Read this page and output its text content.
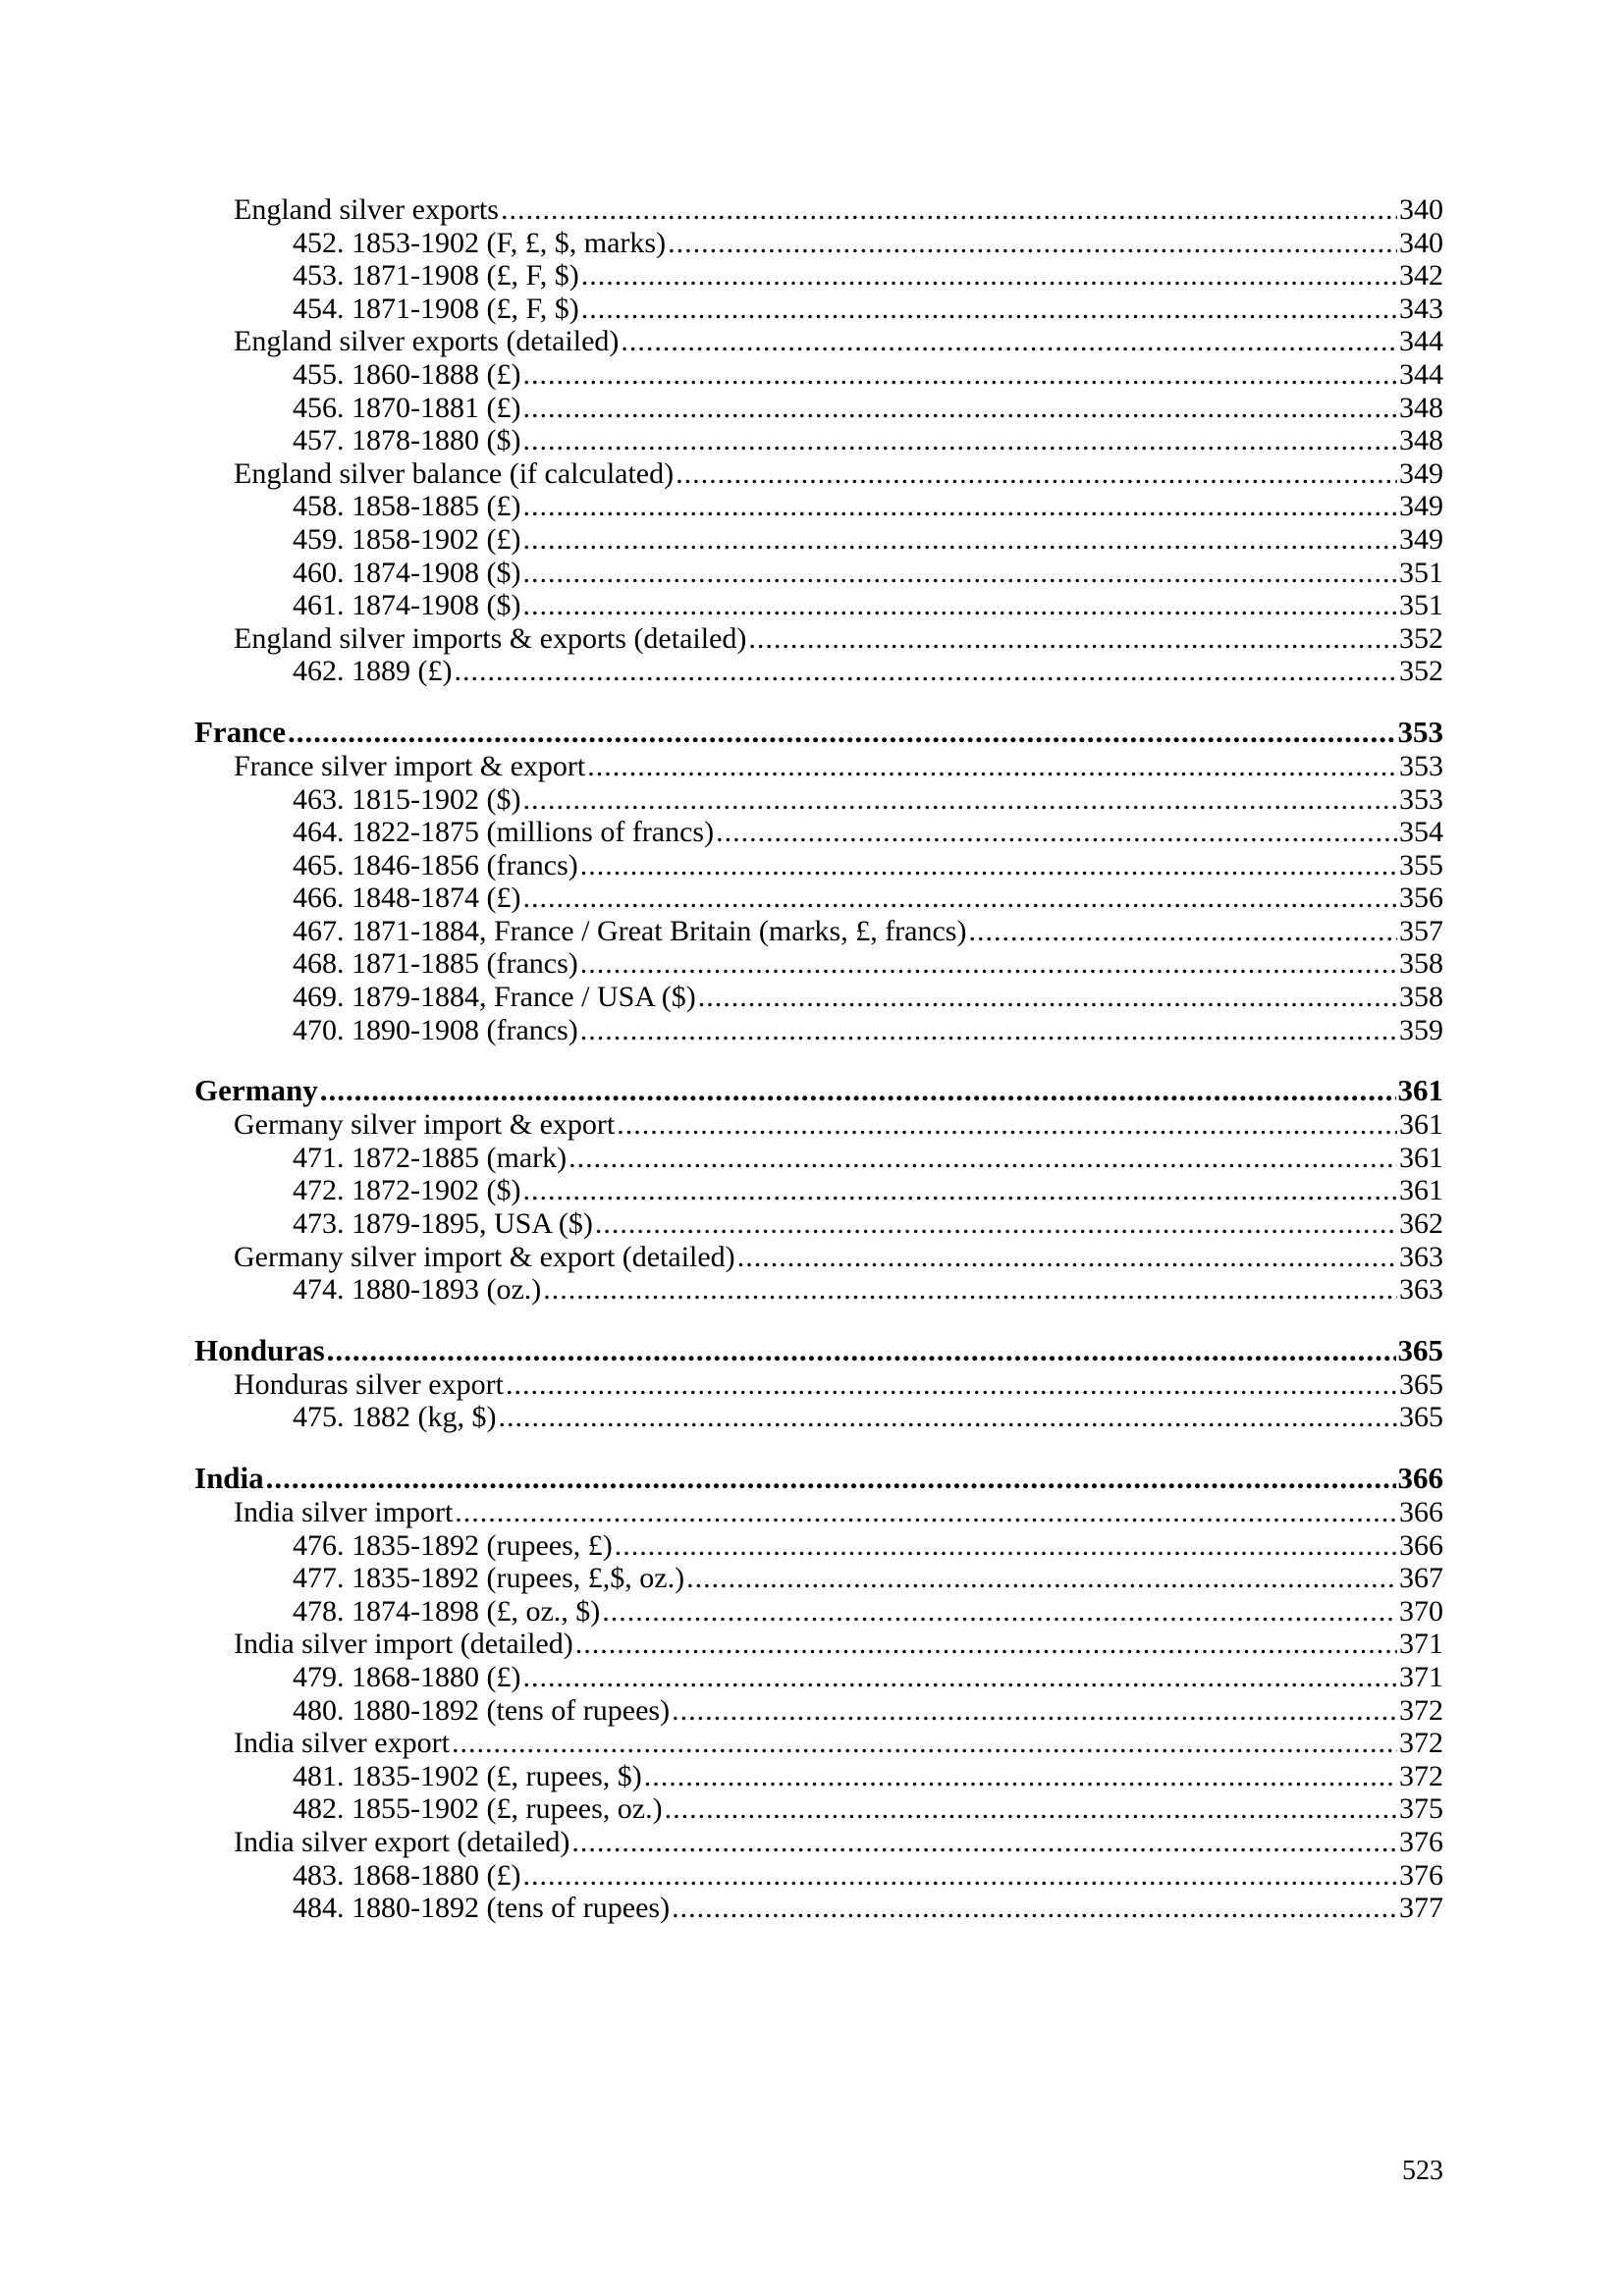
England silver exports .....	340
452. 1853-1902 (F, £, $, marks) .....	340
453. 1871-1908 (£, F, $) .....	342
454. 1871-1908 (£, F, $) .....	343
England silver exports (detailed) .....	344
455. 1860-1888 (£) .....	344
456. 1870-1881 (£) .....	348
457. 1878-1880 ($) .....	348
England silver balance (if calculated) .....	349
458. 1858-1885 (£) .....	349
459. 1858-1902 (£) .....	349
460. 1874-1908 ($) .....	351
461. 1874-1908 ($) .....	351
England silver imports & exports (detailed) .....	352
462. 1889 (£) .....	352
France .....	353
France silver import & export .....	353
463. 1815-1902 ($) .....	353
464. 1822-1875 (millions of francs) .....	354
465. 1846-1856 (francs) .....	355
466. 1848-1874 (£) .....	356
467. 1871-1884, France / Great Britain (marks, £, francs) .....	357
468. 1871-1885 (francs) .....	358
469. 1879-1884, France / USA ($) .....	358
470. 1890-1908 (francs) .....	359
Germany .....	361
Germany silver import & export .....	361
471. 1872-1885 (mark) .....	361
472. 1872-1902 ($) .....	361
473. 1879-1895, USA ($) .....	362
Germany silver import & export (detailed) .....	363
474. 1880-1893 (oz.) .....	363
Honduras .....	365
Honduras silver export .....	365
475. 1882 (kg, $) .....	365
India .....	366
India silver import .....	366
476. 1835-1892 (rupees, £) .....	366
477. 1835-1892 (rupees, £,$, oz.) .....	367
478. 1874-1898 (£, oz., $) .....	370
India silver import (detailed) .....	371
479. 1868-1880 (£) .....	371
480. 1880-1892 (tens of rupees) .....	372
India silver export .....	372
481. 1835-1902 (£, rupees, $) .....	372
482. 1855-1902 (£, rupees, oz.) .....	375
India silver export (detailed) .....	376
483. 1868-1880 (£) .....	376
484. 1880-1892 (tens of rupees) .....	377
523
